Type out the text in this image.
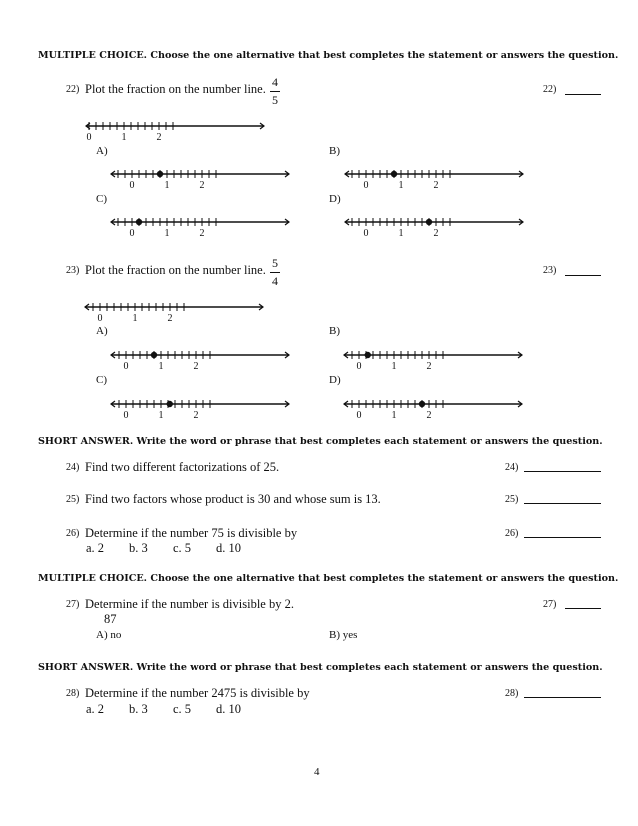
MULTIPLE CHOICE. Choose the one alternative that best completes the statement or answers the question.
22) Plot the fraction on the number line. $\frac{4}{5}$	22)
0	1	2
A)	B)
0	1	2	0	1	2
C)	D)
0	1	2	0	1	2
23) Plot the fraction on the number line. $\frac{5}{4}$	23)
0	1	2
A)	B)
0	1	2	0	1	2
C)	D)
0	1	2	0	1	2
SHORT ANSWER. Write the word or phrase that best completes each statement or answers the question.
24) Find two different factorizations of 25.	24)
25) Find two factors whose product is 30 and whose sum is 13.	25)
26) Determine if the number 75 is divisible by	26)
a. 2 b. 3 c. 5 d. 10
MULTIPLE CHOICE. Choose the one alternative that best completes the statement or answers the question.
27) Determine if the number is divisible by 2.
87
27)
A) no	B) yes
SHORT ANSWER. Write the word or phrase that best completes each statement or answers the question.
28) Determine if the number 2475 is divisible by	28)
a. 2 b. 3 c. 5 d. 10
4
